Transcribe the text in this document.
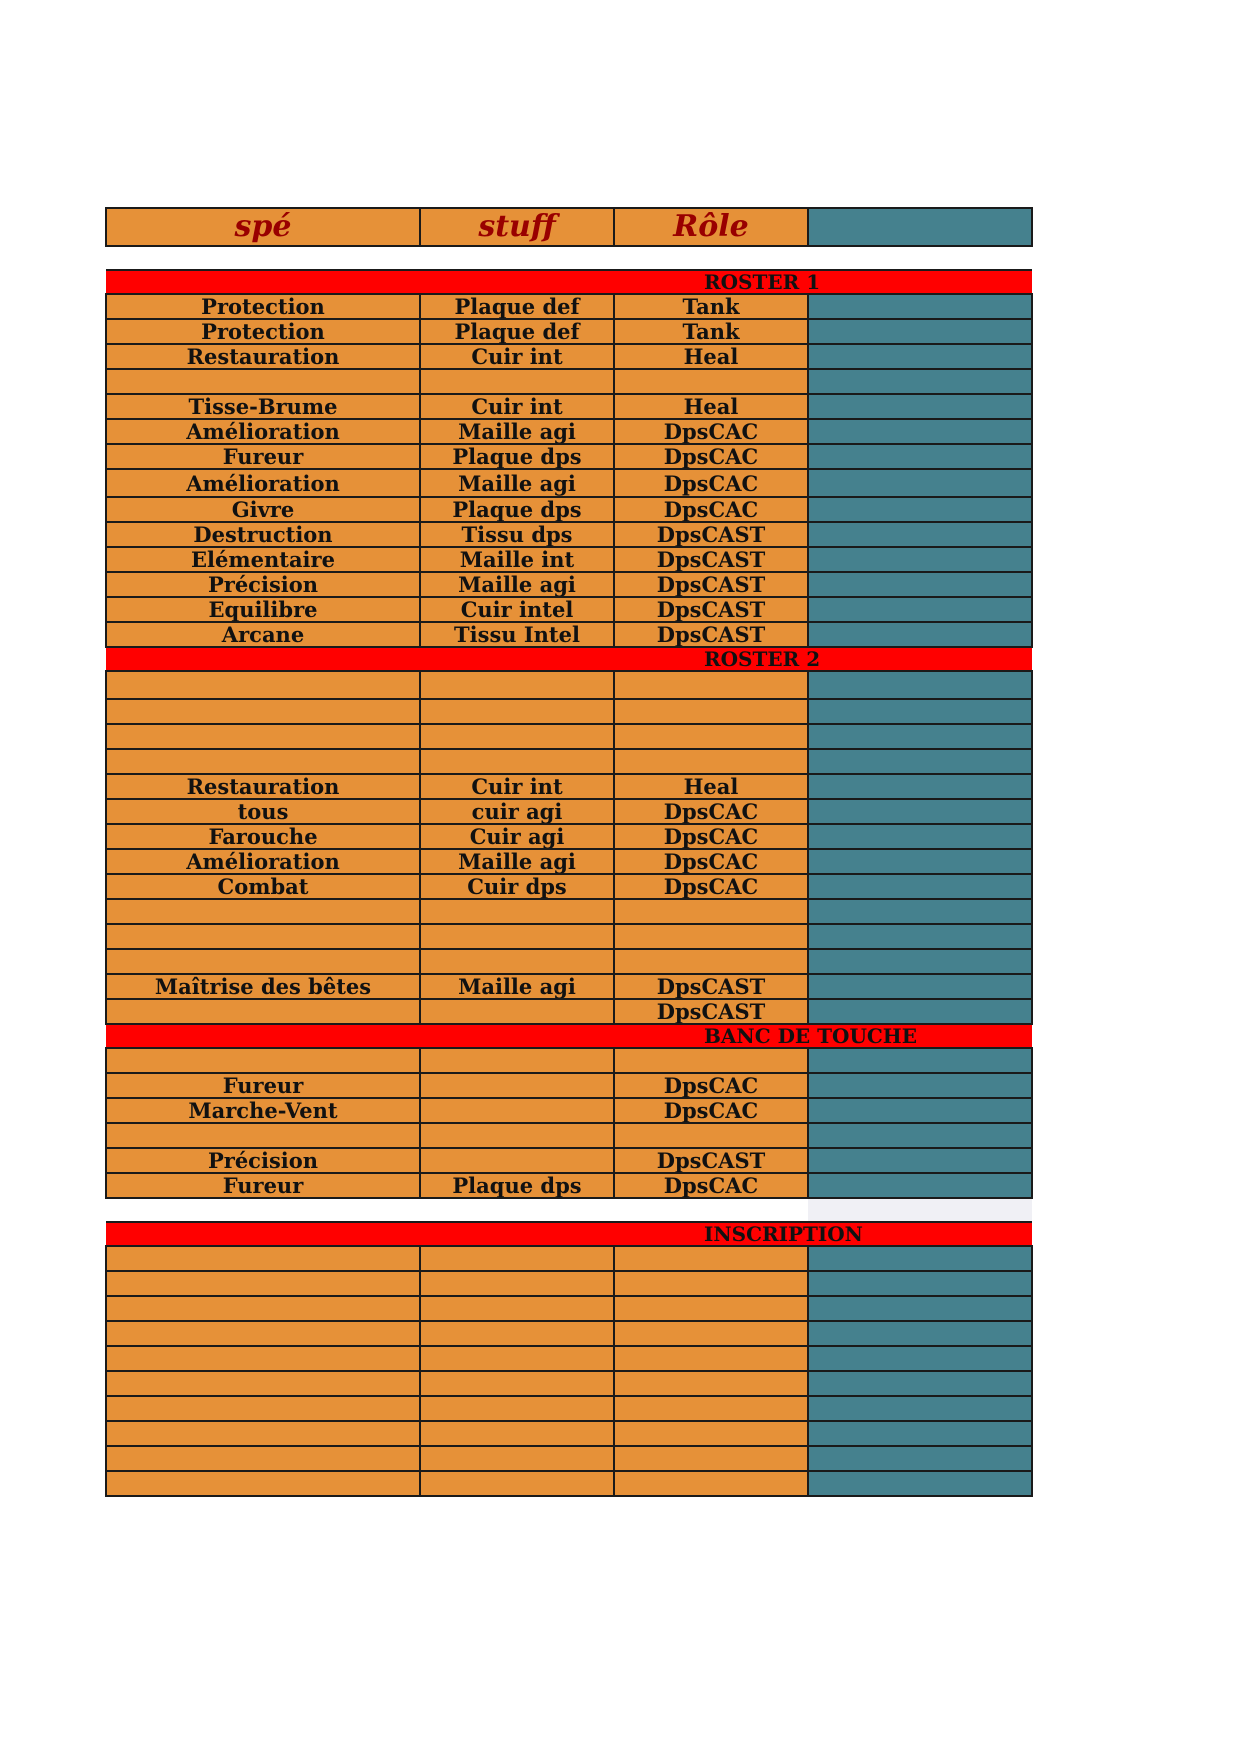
spé	stuff	Rôle	

ROSTER 1			
Protection	Plaque def	Tank	
Protection	Plaque def	Tank	
Restauration	Cuir int	Heal	

Tisse-Brume	Cuir int	Heal	
Amélioration	Maille agi	DpsCAC	
Fureur	Plaque dps	DpsCAC	
Amélioration	Maille agi	DpsCAC	
Givre	Plaque dps	DpsCAC	
Destruction	Tissu dps	DpsCAST	
Elémentaire	Maille int	DpsCAST	
Précision	Maille agi	DpsCAST	
Equilibre	Cuir intel	DpsCAST	
Arcane	Tissu Intel	DpsCAST	
ROSTER 2			

Restauration	Cuir int	Heal	
tous	cuir agi	DpsCAC	
Farouche	Cuir agi	DpsCAC	
Amélioration	Maille agi	DpsCAC	
Combat	Cuir dps	DpsCAC	

Maîtrise des bêtes	Maille agi	DpsCAST	
		DpsCAST	
BANC DE TOUCHE			

Fureur		DpsCAC	
Marche-Vent		DpsCAC	

Précision		DpsCAST	
Fureur	Plaque dps	DpsCAC	

INSCRIPTION			
